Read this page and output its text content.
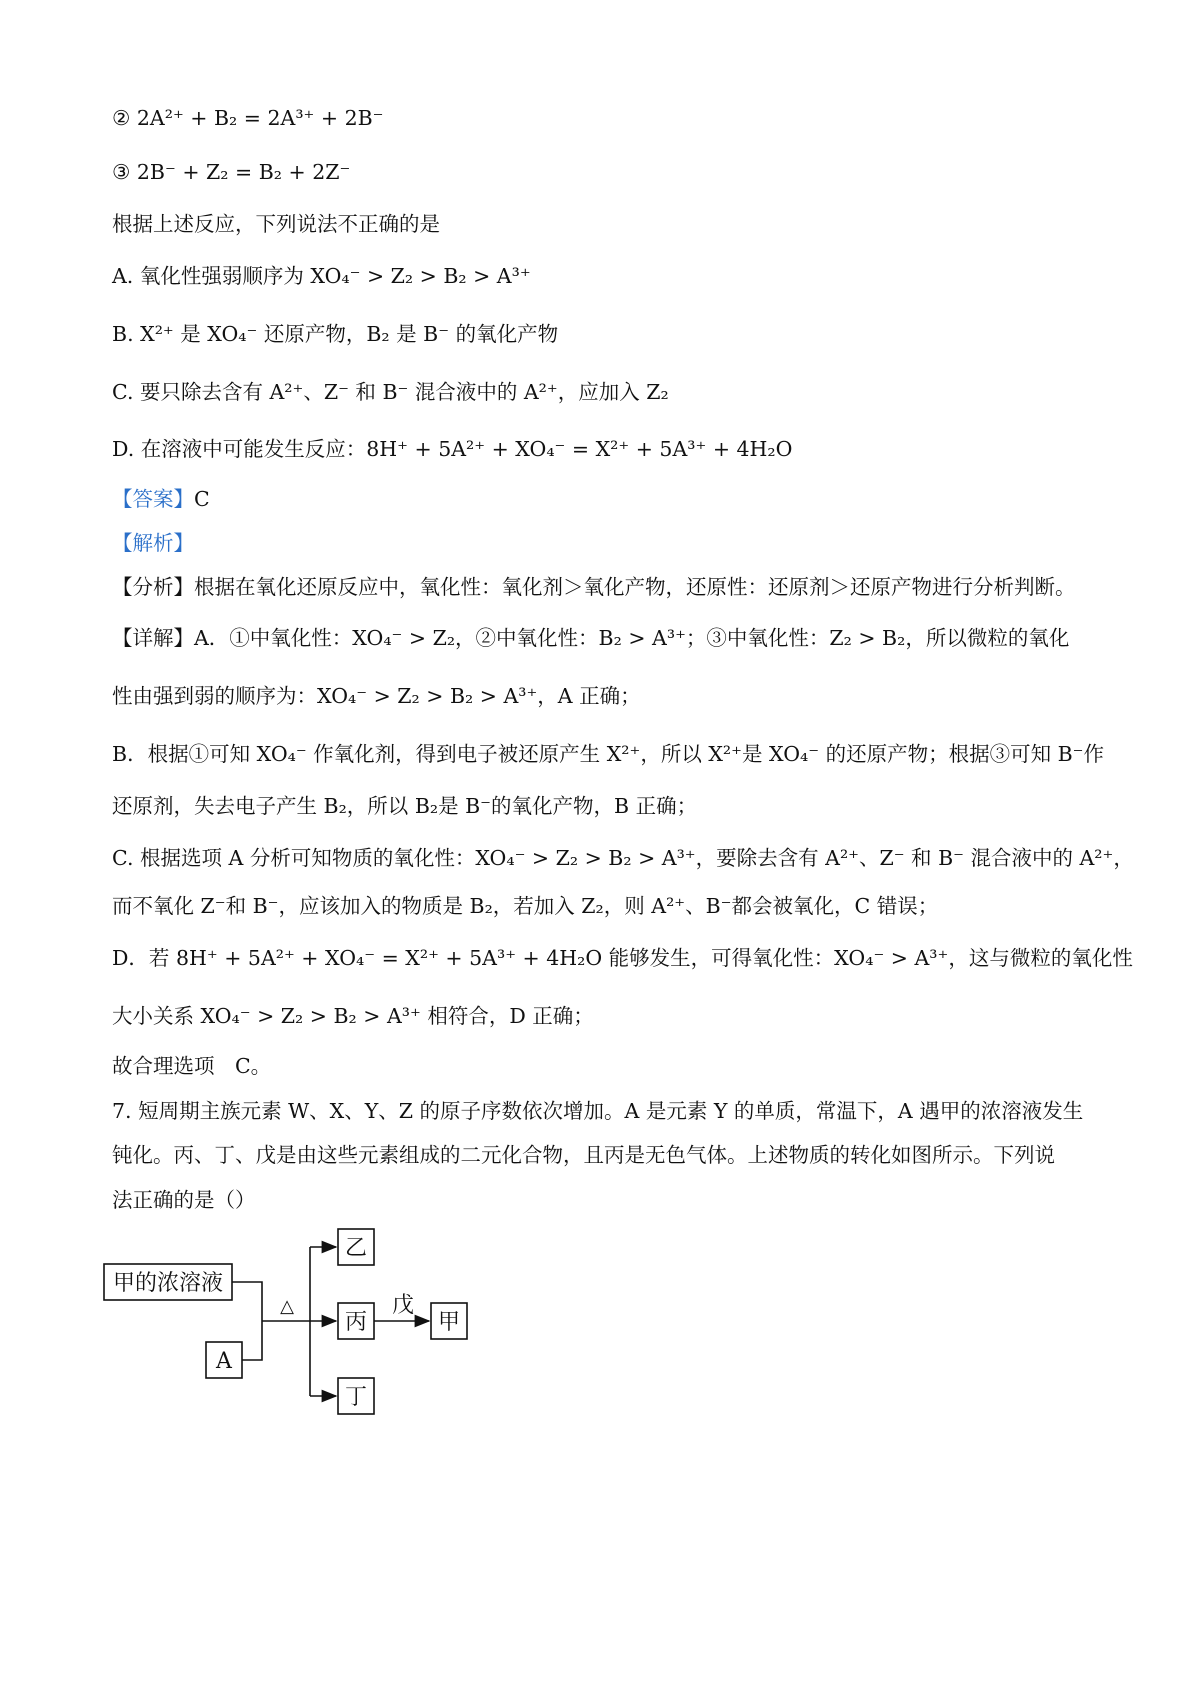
② 2A²⁺ + B₂ = 2A³⁺ + 2B⁻
③ 2B⁻ + Z₂ = B₂ + 2Z⁻
根据上述反应，下列说法不正确的是
A. 氧化性强弱顺序为 XO₄⁻ > Z₂ > B₂ > A³⁺
B. X²⁺ 是 XO₄⁻ 还原产物，B₂ 是 B⁻ 的氧化产物
C. 要只除去含有 A²⁺、Z⁻ 和 B⁻ 混合液中的 A²⁺，应加入 Z₂
D. 在溶液中可能发生反应：8H⁺ + 5A²⁺ + XO₄⁻ = X²⁺ + 5A³⁺ + 4H₂O
【答案】C
【解析】
【分析】根据在氧化还原反应中，氧化性：氧化剂＞氧化产物，还原性：还原剂＞还原产物进行分析判断。
【详解】A．①中氧化性：XO₄⁻ > Z₂，②中氧化性：B₂ > A³⁺；③中氧化性：Z₂ > B₂，所以微粒的氧化
性由强到弱的顺序为：XO₄⁻ > Z₂ > B₂ > A³⁺，A 正确；
B．根据①可知 XO₄⁻ 作氧化剂，得到电子被还原产生 X²⁺，所以 X²⁺是 XO₄⁻ 的还原产物；根据③可知 B⁻作
还原剂，失去电子产生 B₂，所以 B₂是 B⁻的氧化产物，B 正确；
C. 根据选项 A 分析可知物质的氧化性：XO₄⁻ > Z₂ > B₂ > A³⁺，要除去含有 A²⁺、Z⁻ 和 B⁻ 混合液中的 A²⁺，
而不氧化 Z⁻和 B⁻，应该加入的物质是 B₂，若加入 Z₂，则 A²⁺、B⁻都会被氧化，C 错误；
D．若 8H⁺ + 5A²⁺ + XO₄⁻ = X²⁺ + 5A³⁺ + 4H₂O 能够发生，可得氧化性：XO₄⁻ > A³⁺，这与微粒的氧化性
大小关系 XO₄⁻ > Z₂ > B₂ > A³⁺ 相符合，D 正确；
故合理选项　C。
7. 短周期主族元素 W、X、Y、Z 的原子序数依次增加。A 是元素 Y 的单质，常温下，A 遇甲的浓溶液发生
钝化。丙、丁、戊是由这些元素组成的二元化合物，且丙是无色气体。上述物质的转化如图所示。下列说
法正确的是（）
甲的浓溶液
A
△
乙
丙
丁
戊
甲
